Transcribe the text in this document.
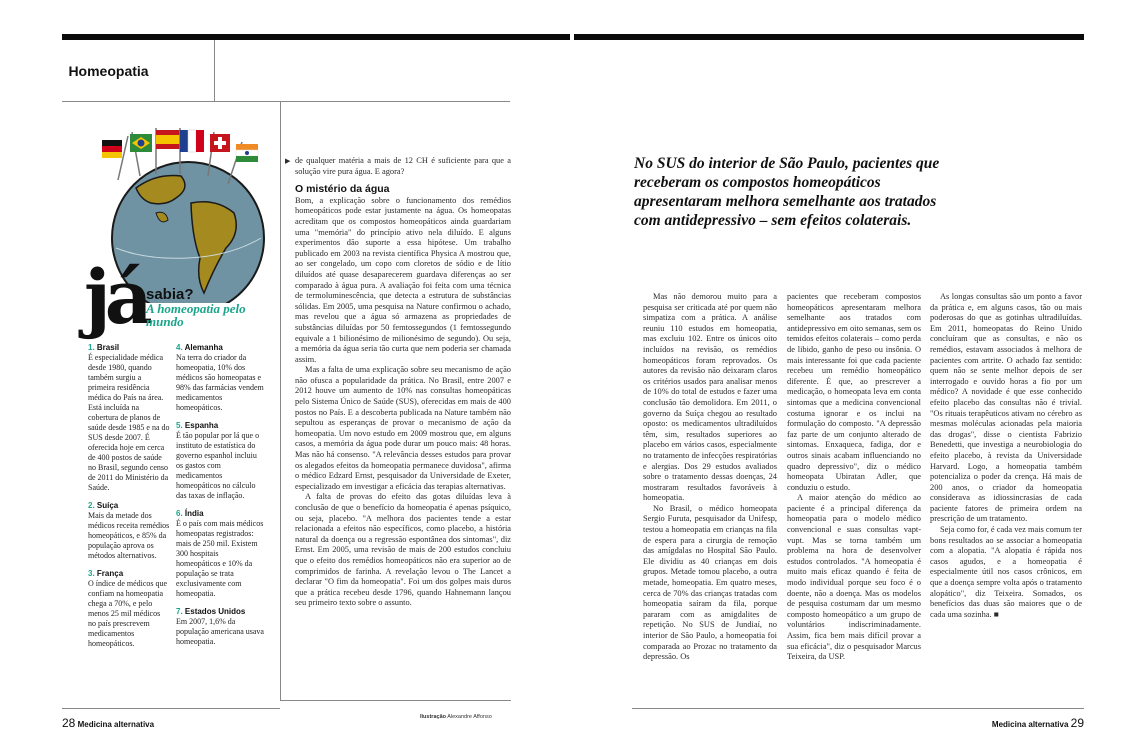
Homeopatia
já sabia?
A homeopatia pelo mundo
1. Brasil
É especialidade médica desde 1980, quando também surgiu a primeira residência médica do País na área. Está incluída na cobertura de planos de saúde desde 1985 e na do SUS desde 2007. É oferecida hoje em cerca de 400 postos de saúde no Brasil, segundo censo de 2011 do Ministério da Saúde.
2. Suíça
Mais da metade dos médicos receita remédios homeopáticos, e 85% da população aprova os métodos alternativos.
3. França
O índice de médicos que confiam na homeopatia chega a 70%, e pelo menos 25 mil médicos no país prescrevem medicamentos homeopáticos.
4. Alemanha
Na terra do criador da homeopatia, 10% dos médicos são homeopatas e 98% das farmácias vendem medicamentos homeopáticos.
5. Espanha
É tão popular por lá que o instituto de estatística do governo espanhol incluiu os gastos com medicamentos homeopáticos no cálculo das taxas de inflação.
6. Índia
É o país com mais médicos homeopatas registrados: mais de 250 mil. Existem 300 hospitais homeopáticos e 10% da população se trata exclusivamente com homeopatia.
7. Estados Unidos
Em 2007, 1,6% da população americana usava homeopatia.

▶ de qualquer matéria a mais de 12 CH é suficiente para que a solução vire pura água. E agora?

O mistério da água

Bom, a explicação sobre o funcionamento dos remédios homeopáticos pode estar justamente na água. Os homeopatas acreditam que os compostos homeopáticos ainda guardariam uma "memória" do princípio ativo nela diluído. E alguns experimentos dão suporte a essa hipótese. Um trabalho publicado em 2003 na revista científica Physica A mostrou que, ao ser congelado, um copo com cloretos de sódio e de lítio diluídos até quase desaparecerem guardava diferenças ao ser comparado à água pura. A avaliação foi feita com uma técnica de termoluminescência, que detecta a estrutura de substâncias sólidas. Em 2005, uma pesquisa na Nature confirmou o achado, mas revelou que a água só armazena as propriedades de substâncias diluídas por 50 femtossegundos (1 femtossegundo equivale a 1 bilionésimo de milionésimo de segundo). Ou seja, a memória da água seria tão curta que nem poderia ser chamada assim.

Mas a falta de uma explicação sobre seu mecanismo de ação não ofusca a popularidade da prática. No Brasil, entre 2007 e 2012 houve um aumento de 10% nas consultas homeopáticas pelo Sistema Único de Saúde (SUS), oferecidas em mais de 400 postos no País. E a descoberta publicada na Nature também não sepultou as esperanças de provar o mecanismo de ação da homeopatia. Um novo estudo em 2009 mostrou que, em alguns casos, a memória da água pode durar um pouco mais: 48 horas. Mas não há consenso. "A relevância desses estudos para provar os alegados efeitos da homeopatia permanece duvidosa", afirma o médico Edzard Ernst, pesquisador da Universidade de Exeter, especializado em investigar a eficácia das terapias alternativas.

A falta de provas do efeito das gotas diluídas leva à conclusão de que o benefício da homeopatia é apenas psíquico, ou seja, placebo. "A melhora dos pacientes tende a estar relacionada a efeitos não específicos, como placebo, a história natural da doença ou a regressão espontânea dos sintomas", diz Ernst. Em 2005, uma revisão de mais de 200 estudos concluiu que o efeito dos remédios homeopáticos não era superior ao de comprimidos de farinha. A revelação levou o The Lancet a declarar "O fim da homeopatia". Foi um dos golpes mais duros que a prática recebeu desde 1796, quando Hahnemann lançou seu primeiro texto sobre o assunto.

No SUS do interior de São Paulo, pacientes que receberam os compostos homeopáticos apresentaram melhora semelhante aos tratados com antidepressivo – sem efeitos colaterais.

Mas não demorou muito para a pesquisa ser criticada até por quem não simpatiza com a prática. A análise reuniu 110 estudos em homeopatia, mas excluiu 102. Entre os únicos oito incluídos na revisão, os remédios homeopáticos foram reprovados. Os autores da revisão não deixaram claros os critérios usados para analisar menos de 10% do total de estudos e fazer uma conclusão tão demolidora. Em 2011, o governo da Suíça chegou ao resultado oposto: os medicamentos ultradiluídos têm, sim, resultados superiores ao placebo em vários casos, especialmente no tratamento de infecções respiratórias e alergias. Dos 29 estudos avaliados sobre o tratamento dessas doenças, 24 mostraram resultados favoráveis à homeopatia.

No Brasil, o médico homeopata Sergio Furuta, pesquisador da Unifesp, testou a homeopatia em crianças na fila de espera para a cirurgia de remoção das amígdalas no Hospital São Paulo. Ele dividiu as 40 crianças em dois grupos. Metade tomou placebo, a outra metade, homeopatia. Em quatro meses, cerca de 70% das crianças tratadas com homeopatia saíram da fila, porque pararam com as amigdalites de repetição. No SUS de Jundiaí, no interior de São Paulo, a homeopatia foi comparada ao Prozac no tratamento da depressão. Os

pacientes que receberam compostos homeopáticos apresentaram melhora semelhante aos tratados com antidepressivo em oito semanas, sem os temidos efeitos colaterais – como perda de libido, ganho de peso ou insônia. O mais interessante foi que cada paciente recebeu um remédio homeopático diferente. É que, ao prescrever a medicação, o homeopata leva em conta sintomas que a medicina convencional costuma ignorar e os inclui na formulação do composto. "A depressão faz parte de um conjunto alterado de sintomas. Enxaqueca, fadiga, dor e outros sinais acabam influenciando no quadro depressivo", diz o médico homeopata Ubiratan Adler, que conduziu o estudo.

A maior atenção do médico ao paciente é a principal diferença da homeopatia para o modelo médico convencional e suas consultas vapt-vupt. Mas se torna também um problema na hora de desenvolver estudos controlados. "A homeopatia é muito mais eficaz quando é feita de modo individual porque seu foco é o doente, não a doença. Mas os modelos de pesquisa costumam dar um mesmo composto homeopático a um grupo de voluntários indiscriminadamente. Assim, fica bem mais difícil provar a sua eficácia", diz o pesquisador Marcus Teixeira, da USP.

As longas consultas são um ponto a favor da prática e, em alguns casos, tão ou mais poderosas do que as gotinhas ultradiluídas. Em 2011, homeopatas do Reino Unido concluíram que as consultas, e não os remédios, estavam associados à melhora de pacientes com artrite. O achado faz sentido: quem não se sente melhor depois de ser interrogado e ouvido horas a fio por um médico? A novidade é que esse conhecido efeito placebo das consultas não é trivial. "Os rituais terapêuticos ativam no cérebro as mesmas moléculas acionadas pela maioria das drogas", disse o cientista Fabrizio Benedetti, que investiga a neurobiologia do efeito placebo, à revista da Universidade Harvard. Logo, a homeopatia também potencializa o poder da crença. Há mais de 200 anos, o criador da homeopatia considerava as idiossincrasias de cada paciente fatores de primeira ordem na prescrição de um tratamento.

Seja como for, é cada vez mais comum ter bons resultados ao se associar a homeopatia com a alopatia. "A alopatia é rápida nos casos agudos, e a homeopatia é especialmente útil nos casos crônicos, em que a doença sempre volta após o tratamento alopático", diz Teixeira. Somados, os benefícios das duas são maiores que o de cada uma sozinha. ■

28 Medicina alternativa
Ilustração Alexandre Affonso
Medicina alternativa 29
